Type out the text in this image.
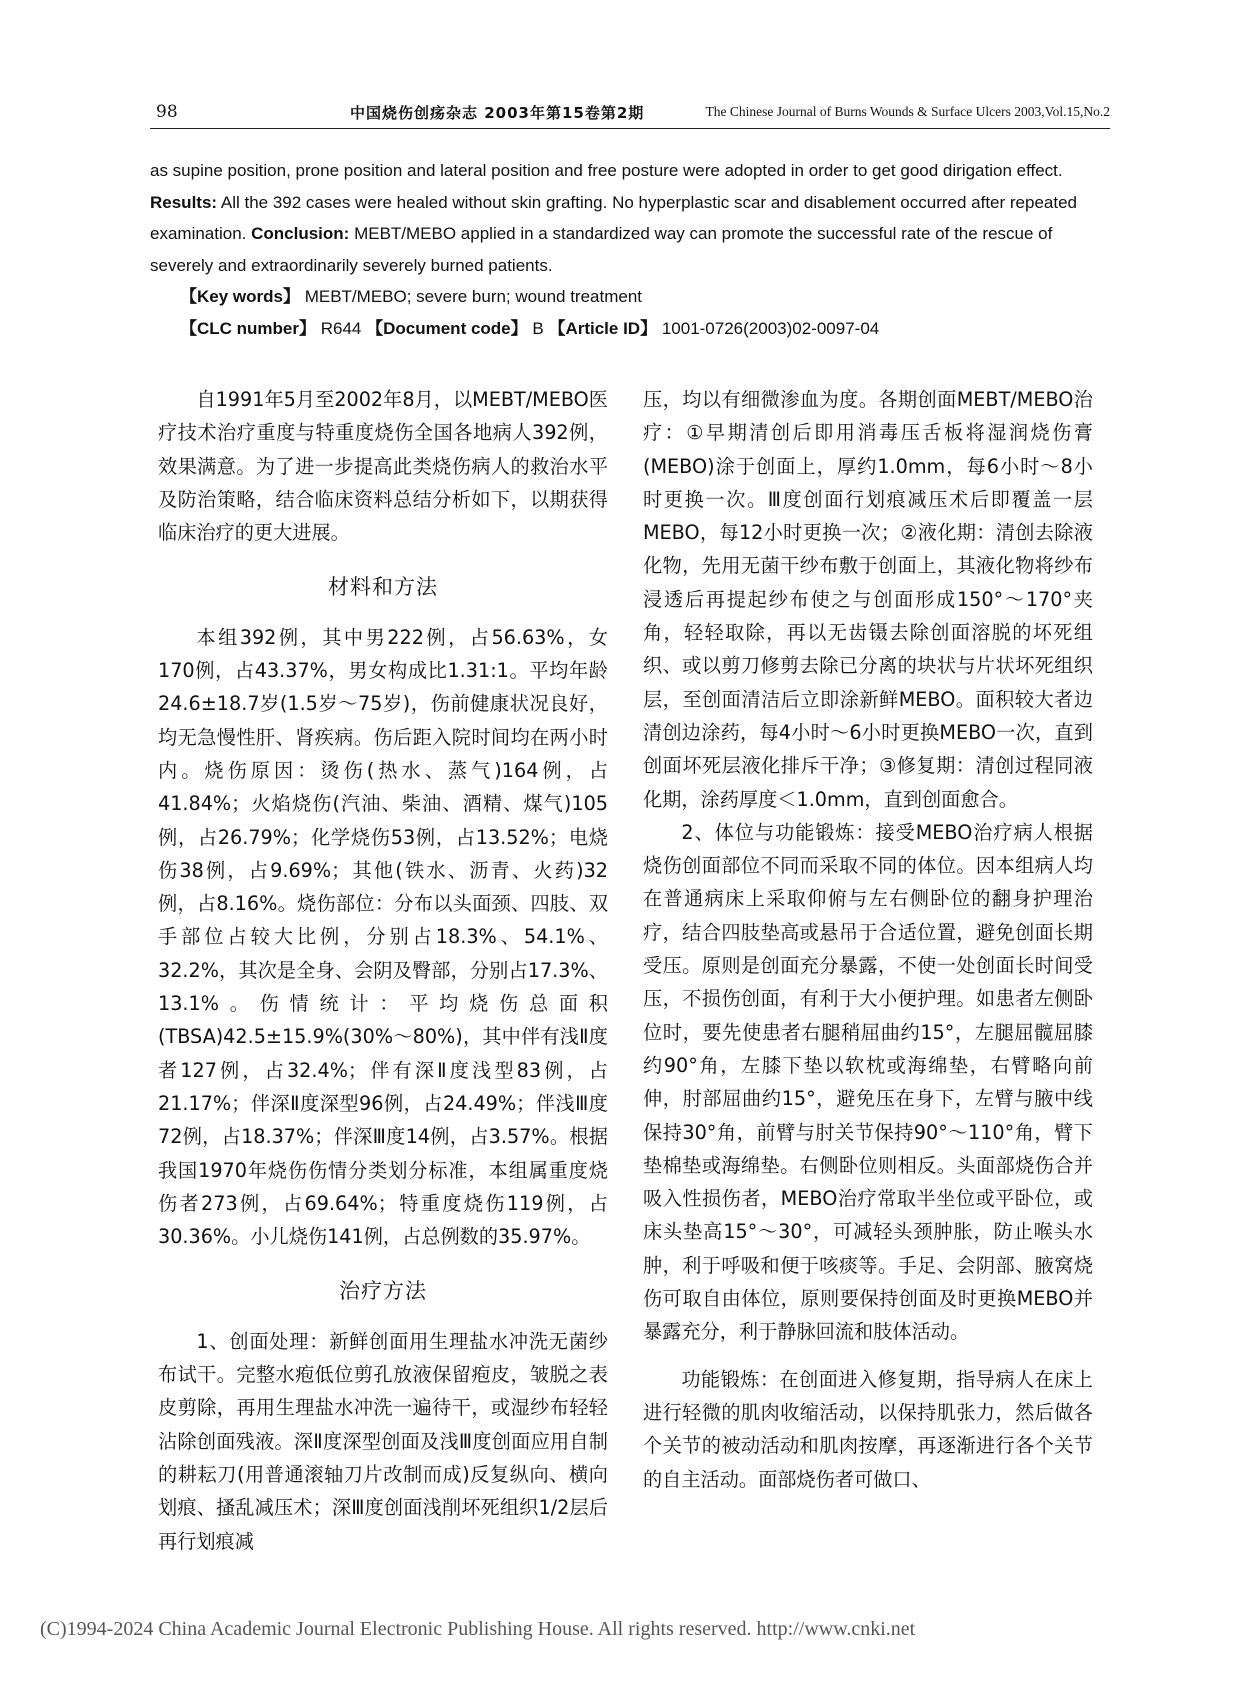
98	中国烧伤创疡杂志 2003年第15卷第2期	The Chinese Journal of Burns Wounds & Surface Ulcers 2003,Vol.15,No.2

as supine position, prone position and lateral position and free posture were adopted in order to get good dirigation effect.

Results: All the 392 cases were healed without skin grafting. No hyperplastic scar and disablement occurred after repeated examination. Conclusion: MEBT/MEBO applied in a standardized way can promote the successful rate of the rescue of severely and extraordinarily severely burned patients.

【Key words】 MEBT/MEBO; severe burn; wound treatment

【CLC number】 R644 【Document code】 B 【Article ID】 1001-0726(2003)02-0097-04

自1991年5月至2002年8月，以MEBT/MEBO医疗技术治疗重度与特重度烧伤全国各地病人392例，效果满意。为了进一步提高此类烧伤病人的救治水平及防治策略，结合临床资料总结分析如下，以期获得临床治疗的更大进展。

材料和方法

本组392例，其中男222例，占56.63%，女170例，占43.37%，男女构成比1.31:1。平均年龄24.6±18.7岁(1.5岁～75岁)，伤前健康状况良好，均无急慢性肝、肾疾病。伤后距入院时间均在两小时内。烧伤原因：烫伤(热水、蒸气)164例，占41.84%；火焰烧伤(汽油、柴油、酒精、煤气)105例，占26.79%；化学烧伤53例，占13.52%；电烧伤38例，占9.69%；其他(铁水、沥青、火药)32例，占8.16%。烧伤部位：分布以头面颈、四肢、双手部位占较大比例，分别占18.3%、54.1%、32.2%，其次是全身、会阴及臀部，分别占17.3%、13.1%。伤情统计：平均烧伤总面积(TBSA)42.5±15.9%(30%～80%)，其中伴有浅Ⅱ度者127例，占32.4%；伴有深Ⅱ度浅型83例，占21.17%；伴深Ⅱ度深型96例，占24.49%；伴浅Ⅲ度72例，占18.37%；伴深Ⅲ度14例，占3.57%。根据我国1970年烧伤伤情分类划分标准，本组属重度烧伤者273例，占69.64%；特重度烧伤119例，占30.36%。小儿烧伤141例，占总例数的35.97%。

治疗方法

1、创面处理：新鲜创面用生理盐水冲洗无菌纱布试干。完整水疱低位剪孔放液保留疱皮，皱脱之表皮剪除，再用生理盐水冲洗一遍待干，或湿纱布轻轻沾除创面残液。深Ⅱ度深型创面及浅Ⅲ度创面应用自制的耕耘刀(用普通滚轴刀片改制而成)反复纵向、横向划痕、搔乱减压术；深Ⅲ度创面浅削坏死组织1/2层后再行划痕减

压，均以有细微渗血为度。各期创面MEBT/MEBO治疗：①早期清创后即用消毒压舌板将湿润烧伤膏(MEBO)涂于创面上，厚约1.0mm，每6小时～8小时更换一次。Ⅲ度创面行划痕减压术后即覆盖一层MEBO，每12小时更换一次；②液化期：清创去除液化物，先用无菌干纱布敷于创面上，其液化物将纱布浸透后再提起纱布使之与创面形成150°～170°夹角，轻轻取除，再以无齿镊去除创面溶脱的坏死组织、或以剪刀修剪去除已分离的块状与片状坏死组织层，至创面清洁后立即涂新鲜MEBO。面积较大者边清创边涂药，每4小时～6小时更换MEBO一次，直到创面坏死层液化排斥干净；③修复期：清创过程同液化期，涂药厚度＜1.0mm，直到创面愈合。

2、体位与功能锻炼：接受MEBO治疗病人根据烧伤创面部位不同而采取不同的体位。因本组病人均在普通病床上采取仰俯与左右侧卧位的翻身护理治疗，结合四肢垫高或悬吊于合适位置，避免创面长期受压。原则是创面充分暴露，不使一处创面长时间受压，不损伤创面，有利于大小便护理。如患者左侧卧位时，要先使患者右腿稍屈曲约15°，左腿屈髋屈膝约90°角，左膝下垫以软枕或海绵垫，右臂略向前伸，肘部屈曲约15°，避免压在身下，左臂与腋中线保持30°角，前臂与肘关节保持90°～110°角，臂下垫棉垫或海绵垫。右侧卧位则相反。头面部烧伤合并吸入性损伤者，MEBO治疗常取半坐位或平卧位，或床头垫高15°～30°，可减轻头颈肿胀，防止喉头水肿，利于呼吸和便于咳痰等。手足、会阴部、腋窝烧伤可取自由体位，原则要保持创面及时更换MEBO并暴露充分，利于静脉回流和肢体活动。

功能锻炼：在创面进入修复期，指导病人在床上进行轻微的肌肉收缩活动，以保持肌张力，然后做各个关节的被动活动和肌肉按摩，再逐渐进行各个关节的自主活动。面部烧伤者可做口、

(C)1994-2024 China Academic Journal Electronic Publishing House. All rights reserved. http://www.cnki.net
